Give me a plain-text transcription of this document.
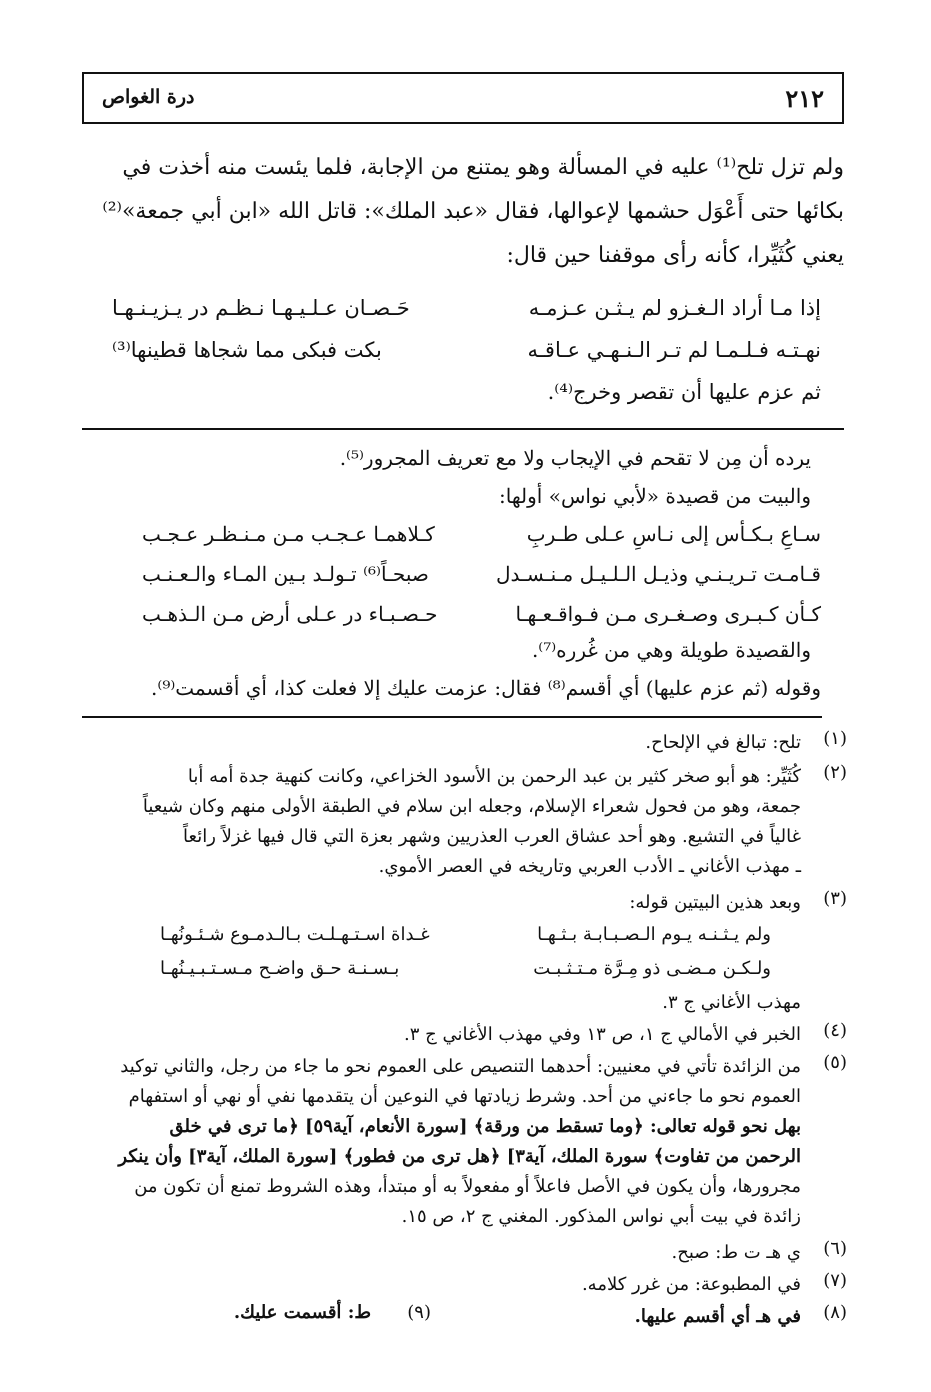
٢١٢
درة الغواص

ولم تزل تلح⁽¹⁾ عليه في المسألة وهو يمتنع من الإجابة، فلما يئست منه أخذت في

بكائها حتى أَعْوَل حشمها لإعوالها، فقال «عبد الملك»: قاتل الله «ابن أبي جمعة»⁽²⁾

يعني كُثَيِّرا، كأنه رأى موقفنا حين قال:

إذا مـا أراد الـغـزو لم يـثـن عـزمـه
حَـصـان عـلـيـهـا نـظـم در يـزيـنـهـا
نهـتـه فـلـمـا لم تـر الـنـهـي عـاقـه
بكت فبكى مما شجاها قطينها⁽³⁾
ثم عزم عليها أن تقصر وخرج⁽⁴⁾.
يرده أن مِن لا تقحم في الإيجاب ولا مع تعريف المجرور⁽⁵⁾.
والبيت من قصيدة «لأبي نواس» أولها:
سـاعِ بـكـأس إلى نـاسِ عـلى طـربِ
كـلاهمـا عـجـب مـن مـنـظـر عـجـب
قـامـت تـريـنـي وذيـل الـلـيـل مـنـسـدل
صبحـاً⁽⁶⁾ تـولـد بـين المـاء والـعـنـب
كـأن كـبـرى وصـغـرى مـن فـواقـعـهـا
حـصـبـاء در عـلى أرض مـن الـذهـب
والقصيدة طويلة وهي من غُرره⁽⁷⁾.
وقوله (ثم عزم عليها) أي أقسم⁽⁸⁾ فقال: عزمت عليك إلا فعلت كذا، أي أقسمت⁽⁹⁾.
(١)
تلح: تبالغ في الإلحاح.
(٢)
كُثَيِّر: هو أبو صخر كثير بن عبد الرحمن بن الأسود الخزاعي، وكانت كنهية جدة أمه أبا
جمعة، وهو من فحول شعراء الإسلام، وجعله ابن سلام في الطبقة الأولى منهم وكان شيعياً
غالياً في التشيع. وهو أحد عشاق العرب العذريين وشهر بعزة التي قال فيها غزلاً رائعاً
ـ مهذب الأغاني ـ الأدب العربي وتاريخه في العصر الأموي.
(٣)
وبعد هذين البيتين قوله:
ولم يـثـنـه يـوم الـصـبـابـة بـثـهـا
غـداة اسـتـهـلـت بـالـدمـوع شـئـونُهـا
ولـكـن مـضـى ذو مِـرَّة مـتـثـبـت
بـسـنـة حـق واضـح مـسـتـبـيـنُهـا
مهذب الأغاني ج ٣.
(٤)
الخبر في الأمالي ج ١، ص ١٣ وفي مهذب الأغاني ج ٣.
(٥)
من الزائدة تأتي في معنيين: أحدهما التنصيص على العموم نحو ما جاء من رجل، والثاني توكيد
العموم نحو ما جاءني من أحد. وشرط زيادتها في النوعين أن يتقدمها نفي أو نهي أو استفهام
بهل نحو قوله تعالى: ﴿وما تسقط من ورقة﴾ [سورة الأنعام، آية٥٩] ﴿ما ترى في خلق
الرحمن من تفاوت﴾ سورة الملك، آية٣] ﴿هل ترى من فطور﴾ [سورة الملك، آية٣] وأن ينكر
مجرورها، وأن يكون في الأصل فاعلاً أو مفعولاً به أو مبتدأ، وهذه الشروط تمنع أن تكون من
زائدة في بيت أبي نواس المذكور. المغني ج ٢، ص ١٥.
(٦)
ي هـ ت ط: صبح.
(٧)
في المطبوعة: من غرر كلامه.
(٨)
في هـ أي أقسم عليها.
(٩)
ط: أقسمت عليك.
